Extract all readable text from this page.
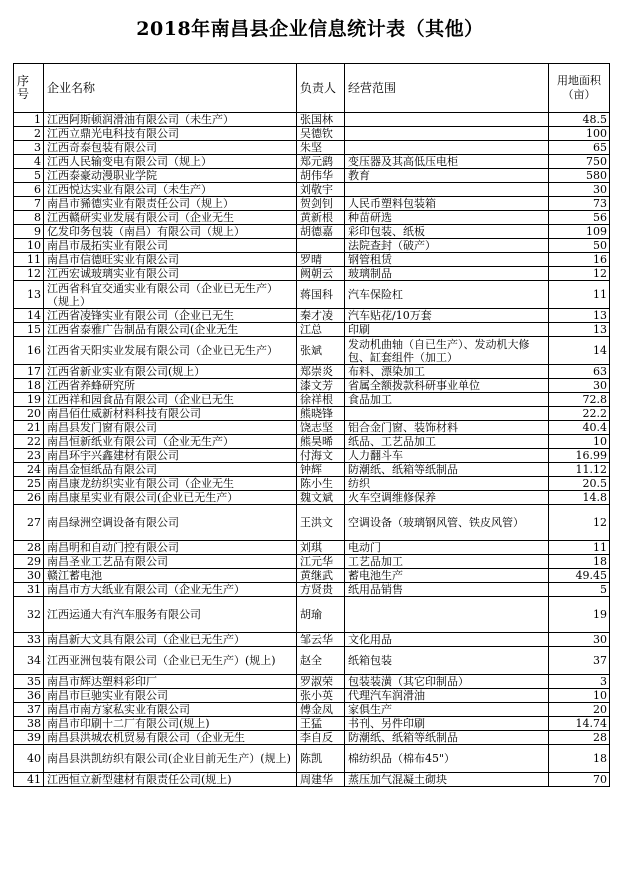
2018年南昌县企业信息统计表（其他）
序号	企业名称	负责人	经营范围	用地面积（亩）
1	江西阿斯顿润滑油有限公司（未生产）	张国林		48.5
2	江西立鼎光电科技有限公司	吴德钦		100
3	江西奇泰包装有限公司	朱坚		65
4	江西人民输变电有限公司（规上）	郑元鹞	变压器及其高低压电柜	750
5	江西泰豪动漫职业学院	胡伟华	教育	580
6	江西悦达实业有限公司（未生产）	刘敬宇		30
7	南昌市豨德实业有限责任公司（规上）	贺剑钊	人民币塑料包装箱	73
8	江西赣研实业发展有限公司（企业无生	黄新根	种苗研选	56
9	亿发印务包装（南昌）有限公司（规上）	胡德嘉	彩印包装、纸板	109
10	南昌市晟拓实业有限公司		法院查封（破产）	50
11	南昌市信德旺实业有限公司	罗晴	钢管租赁	16
12	江西宏诚玻璃实业有限公司	阙朝云	玻璃制品	12
13	江西省科宜交通实业有限公司（企业已无生产）（规上）	蒋国科	汽车保险杠	11
14	江西省凌锋实业有限公司（企业已无生	秦才凌	汽车贴花/10万套	13
15	江西省泰雅广告制品有限公司(企业无生	江总	印刷	13
16	江西省天阳实业发展有限公司（企业已无生产）	张斌	发动机曲轴（自已生产）、发动机大修包、缸套组件（加工）	14
17	江西省新业实业有限公司(规上）	郑崇炎	布料、漂染加工	63
18	江西省养蜂研究所	漆文芳	省属全额拨款科研事业单位	30
19	江西祥和园食品有限公司（企业已无生	徐祥根	食品加工	72.8
20	南昌佰仕威新材料科技有限公司	熊晓锋		22.2
21	南昌县发门窗有限公司	饶志坚	铝合金门窗、装饰材料	40.4
22	南昌恒新纸业有限公司（企业无生产）	熊昊晞	纸品、工艺品加工	10
23	南昌环宇兴鑫建材有限公司	付海文	人力翻斗车	16.99
24	南昌金恒纸品有限公司	钟辉	防潮纸、纸箱等纸制品	11.12
25	南昌康龙纺织实业有限公司（企业无生	陈小生	纺织	20.5
26	南昌康星实业有限公司(企业已无生产）	魏文斌	火车空调维修保养	14.8
27	南昌绿洲空调设备有限公司	王洪文	空调设备（玻璃钢风管、铁皮风管）	12
28	南昌明和自动门控有限公司	刘琪	电动门	11
29	南昌圣业工艺品有限公司	江元华	工艺品加工	18
30	赣江蓄电池	黄继武	蓄电池生产	49.45
31	南昌市方大纸业有限公司（企业无生产）	方贤贵	纸用品销售	5
32	江西运通大有汽车服务有限公司	胡瑜		19
33	南昌新大文具有限公司（企业已无生产）	邹云华	文化用品	30
34	江西亚洲包装有限公司（企业已无生产）(规上)	赵全	纸箱包装	37
35	南昌市辉达塑料彩印厂	罗淑荣	包装装潢（其它印制品）	3
36	南昌市巨驰实业有限公司	张小英	代理汽车润滑油	10
37	南昌市南方家私实业有限公司	傅金凤	家俱生产	20
38	南昌市印刷十二厂有限公司(规上)	王猛	书刊、另件印刷	14.74
39	南昌县洪城农机贸易有限公司（企业无生	李自反	防潮纸、纸箱等纸制品	28
40	南昌县洪凯纺织有限公司(企业目前无生产）(规上)	陈凯	棉纺织品（棉布45"）	18
41	江西恒立新型建材有限责任公司(规上)	周建华	蒸压加气混凝土砌块	70
